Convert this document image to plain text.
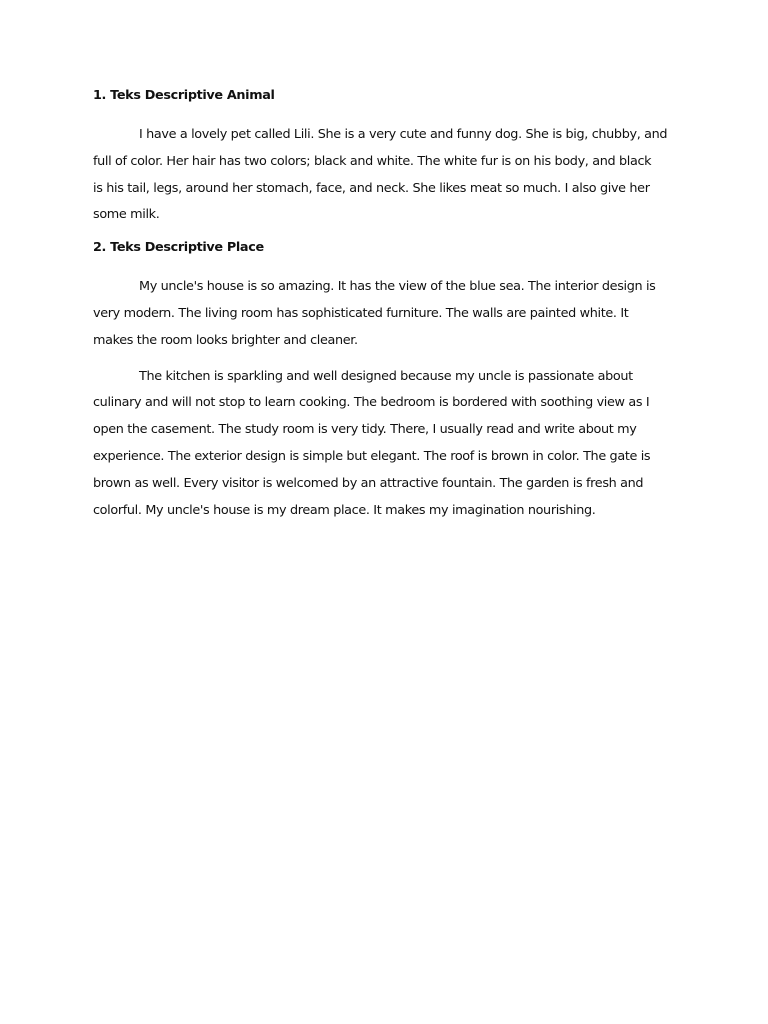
1. Teks Descriptive Animal
I have a lovely pet called Lili. She is a very cute and funny dog. She is big, chubby, and
full of color. Her hair has two colors; black and white. The white fur is on his body, and black
is his tail, legs, around her stomach, face, and neck. She likes meat so much. I also give her
some milk.
2. Teks Descriptive Place
My uncle's house is so amazing. It has the view of the blue sea. The interior design is
very modern. The living room has sophisticated furniture. The walls are painted white. It
makes the room looks brighter and cleaner.
The kitchen is sparkling and well designed because my uncle is passionate about
culinary and will not stop to learn cooking. The bedroom is bordered with soothing view as I
open the casement. The study room is very tidy. There, I usually read and write about my
experience. The exterior design is simple but elegant. The roof is brown in color. The gate is
brown as well. Every visitor is welcomed by an attractive fountain. The garden is fresh and
colorful. My uncle's house is my dream place. It makes my imagination nourishing.
